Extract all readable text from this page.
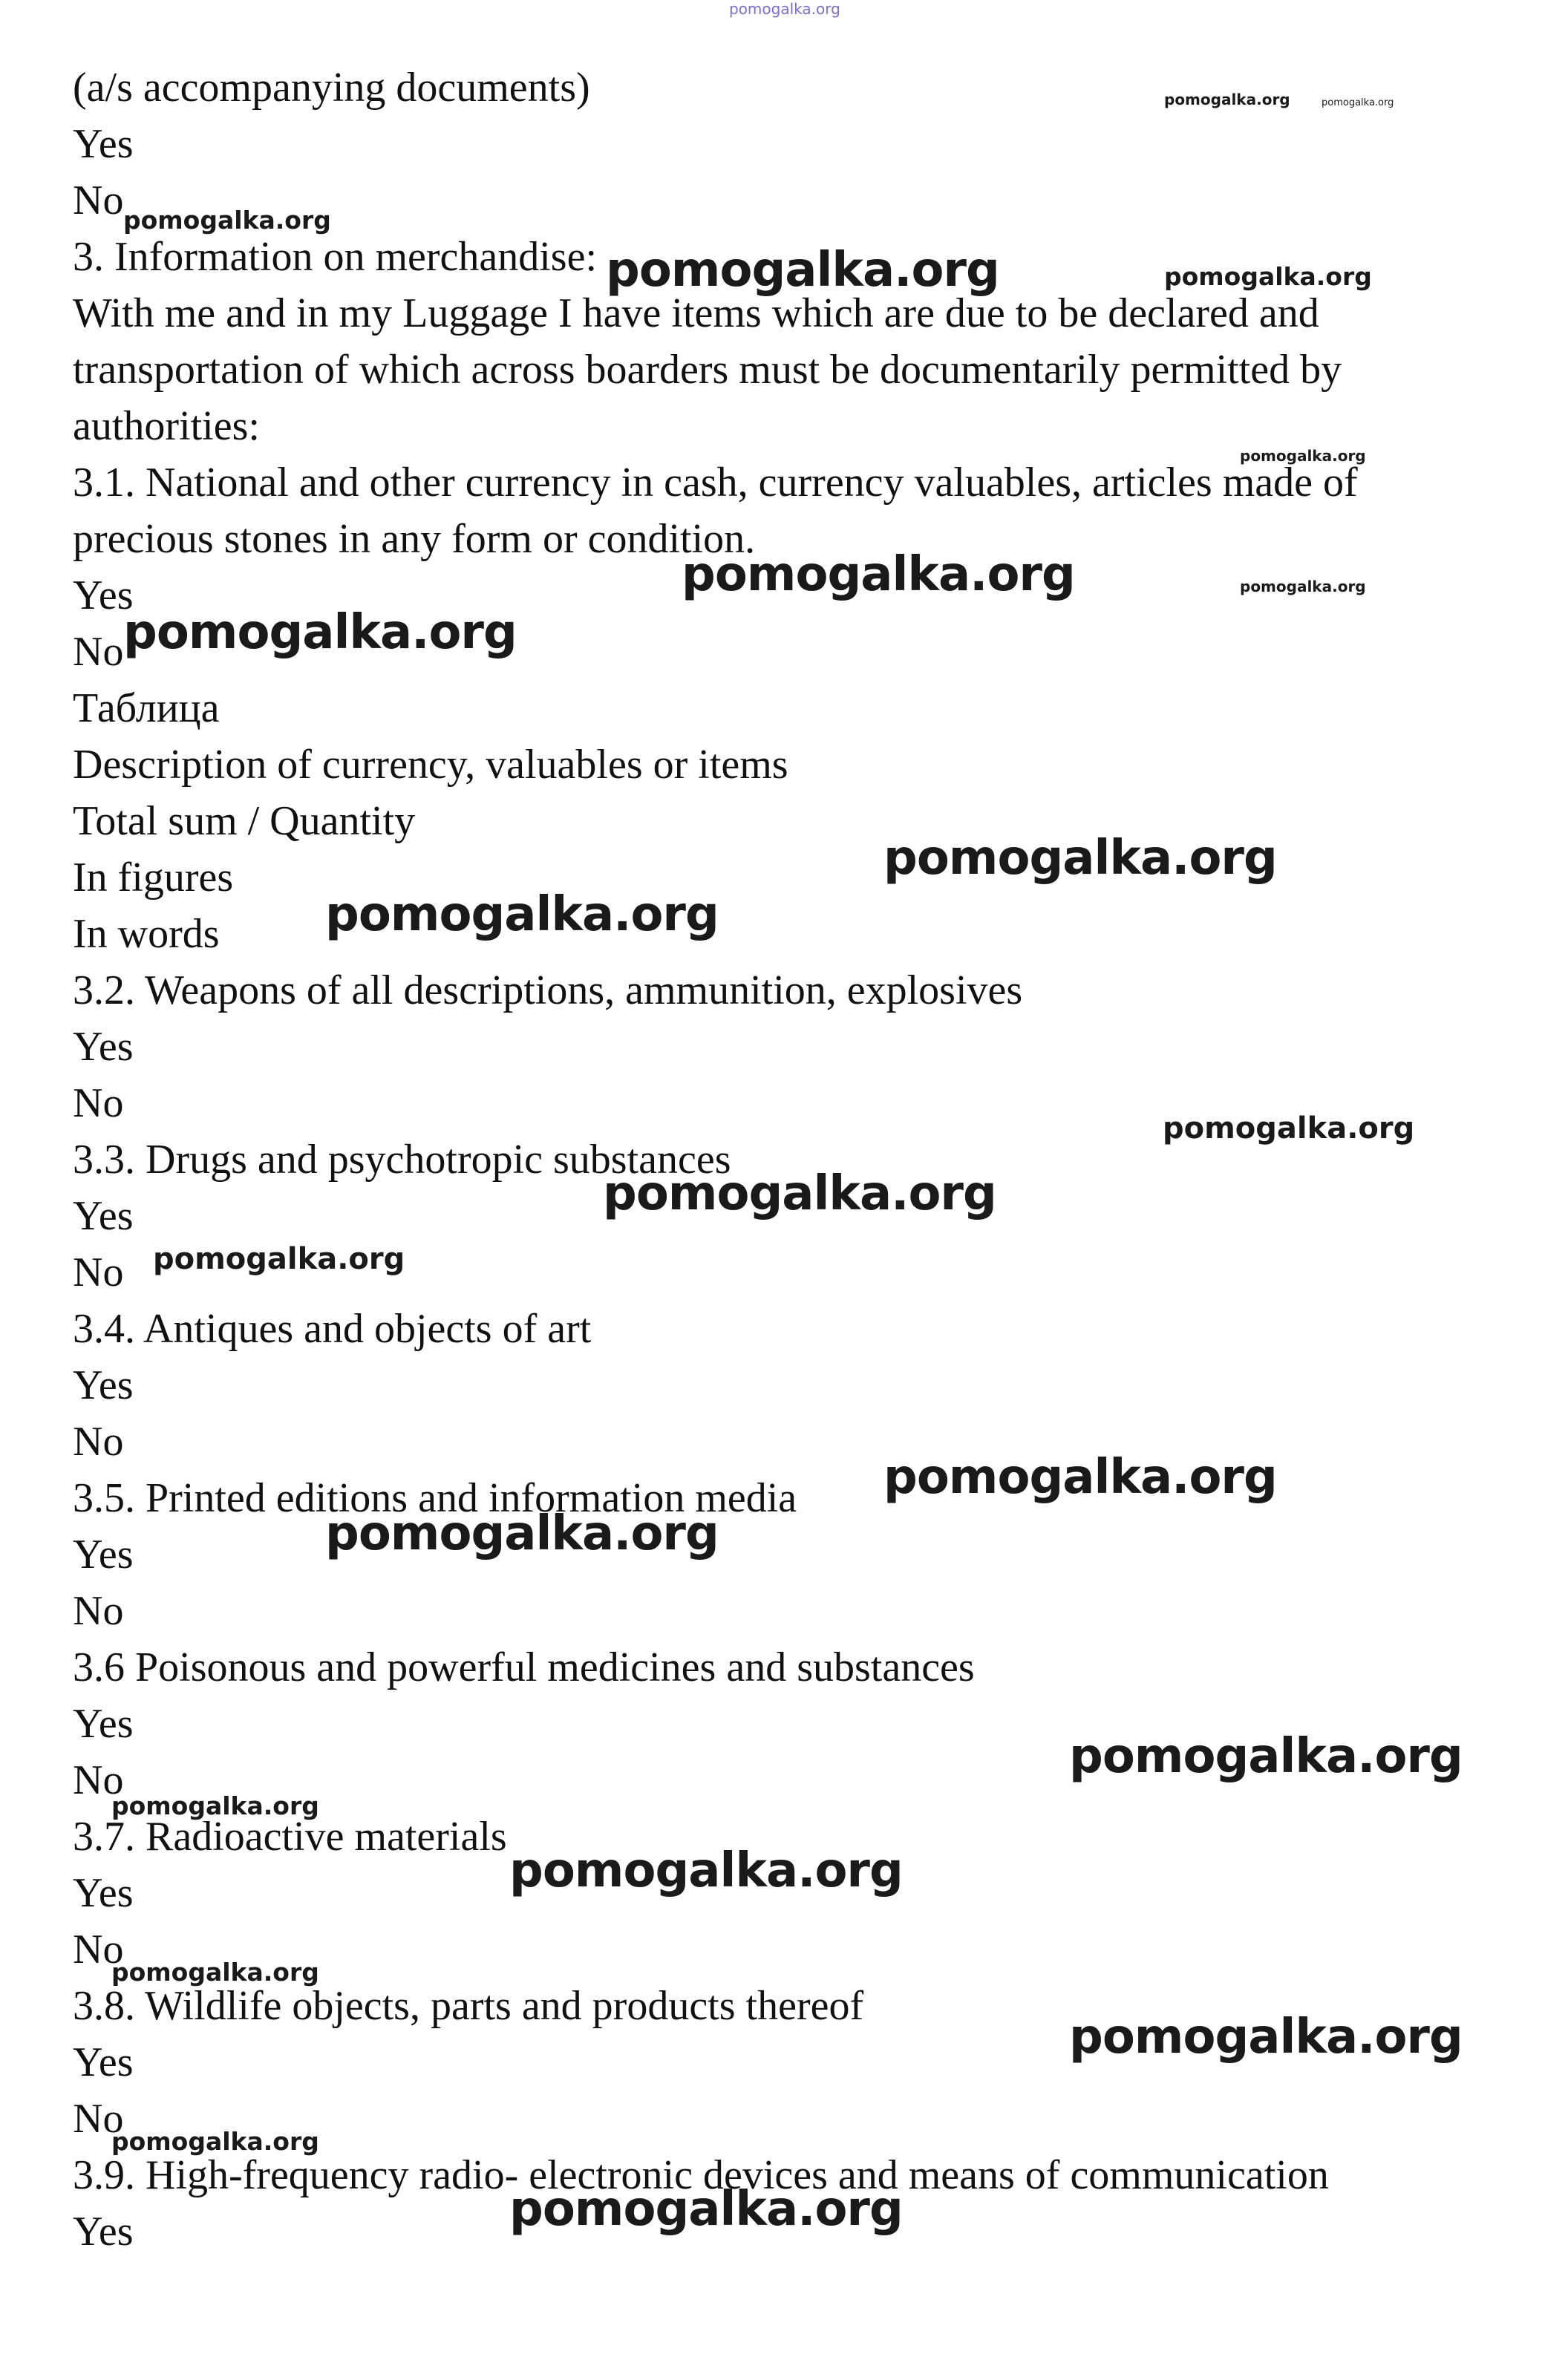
pomogalka.org

(a/s accompanying documents)

Yes

No

3. Information on merchandise:

With me and in my Luggage I have items which are due to be declared and

transportation of which across boarders must be documentarily permitted by

authorities:

3.1. National and other currency in cash, currency valuables, articles made of

precious stones in any form or condition.

Yes

No

Таблица

Description of currency, valuables or items

Total sum / Quantity

In figures

In words

3.2. Weapons of all descriptions, ammunition, explosives

Yes

No

3.3. Drugs and psychotropic substances

Yes

No

3.4. Antiques and objects of art

Yes

No

3.5. Printed editions and information media

Yes

No

3.6 Poisonous and powerful medicines and substances

Yes

No

3.7. Radioactive materials

Yes

No

3.8. Wildlife objects, parts and products thereof

Yes

No

3.9. High-frequency radio- electronic devices and means of communication

Yes

pomogalka.org	pomogalka.org
pomogalka.org
pomogalka.org	pomogalka.org
pomogalka.org
pomogalka.org	pomogalka.org
pomogalka.org
pomogalka.org
pomogalka.org
pomogalka.org
pomogalka.org
pomogalka.org
pomogalka.org
pomogalka.org
pomogalka.org
pomogalka.org
pomogalka.org
pomogalka.org
pomogalka.org
pomogalka.org
pomogalka.org
